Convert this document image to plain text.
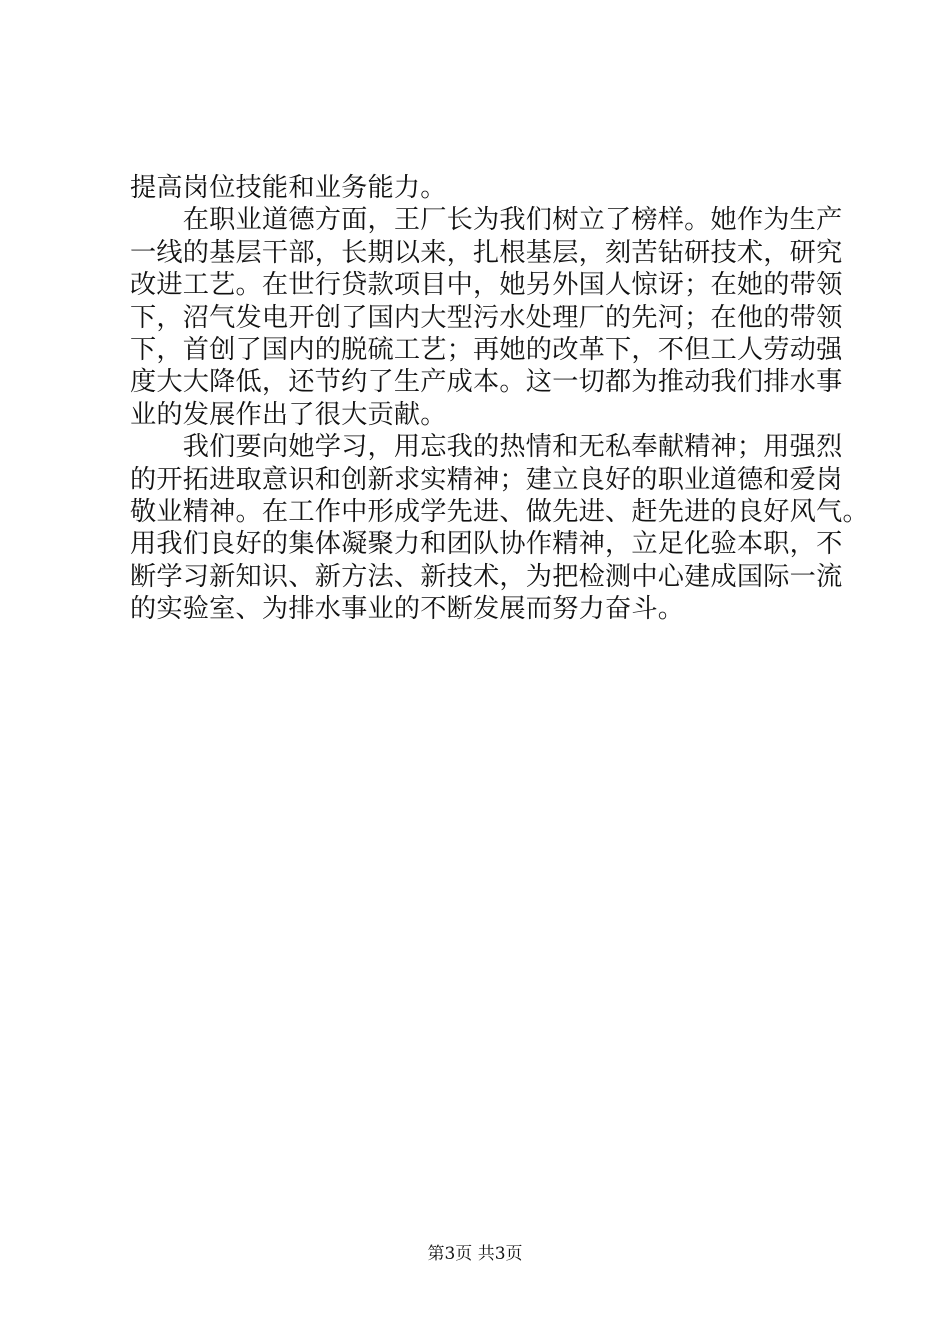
提高岗位技能和业务能力。
　　在职业道德方面，王厂长为我们树立了榜样。她作为生产
一线的基层干部，长期以来，扎根基层，刻苦钻研技术，研究
改进工艺。在世行贷款项目中，她另外国人惊讶；在她的带领
下，沼气发电开创了国内大型污水处理厂的先河；在他的带领
下，首创了国内的脱硫工艺；再她的改革下，不但工人劳动强
度大大降低，还节约了生产成本。这一切都为推动我们排水事
业的发展作出了很大贡献。
　　我们要向她学习，用忘我的热情和无私奉献精神；用强烈
的开拓进取意识和创新求实精神；建立良好的职业道德和爱岗
敬业精神。在工作中形成学先进、做先进、赶先进的良好风气。
用我们良好的集体凝聚力和团队协作精神，立足化验本职，不
断学习新知识、新方法、新技术，为把检测中心建成国际一流
的实验室、为排水事业的不断发展而努力奋斗。
第3页 共3页
